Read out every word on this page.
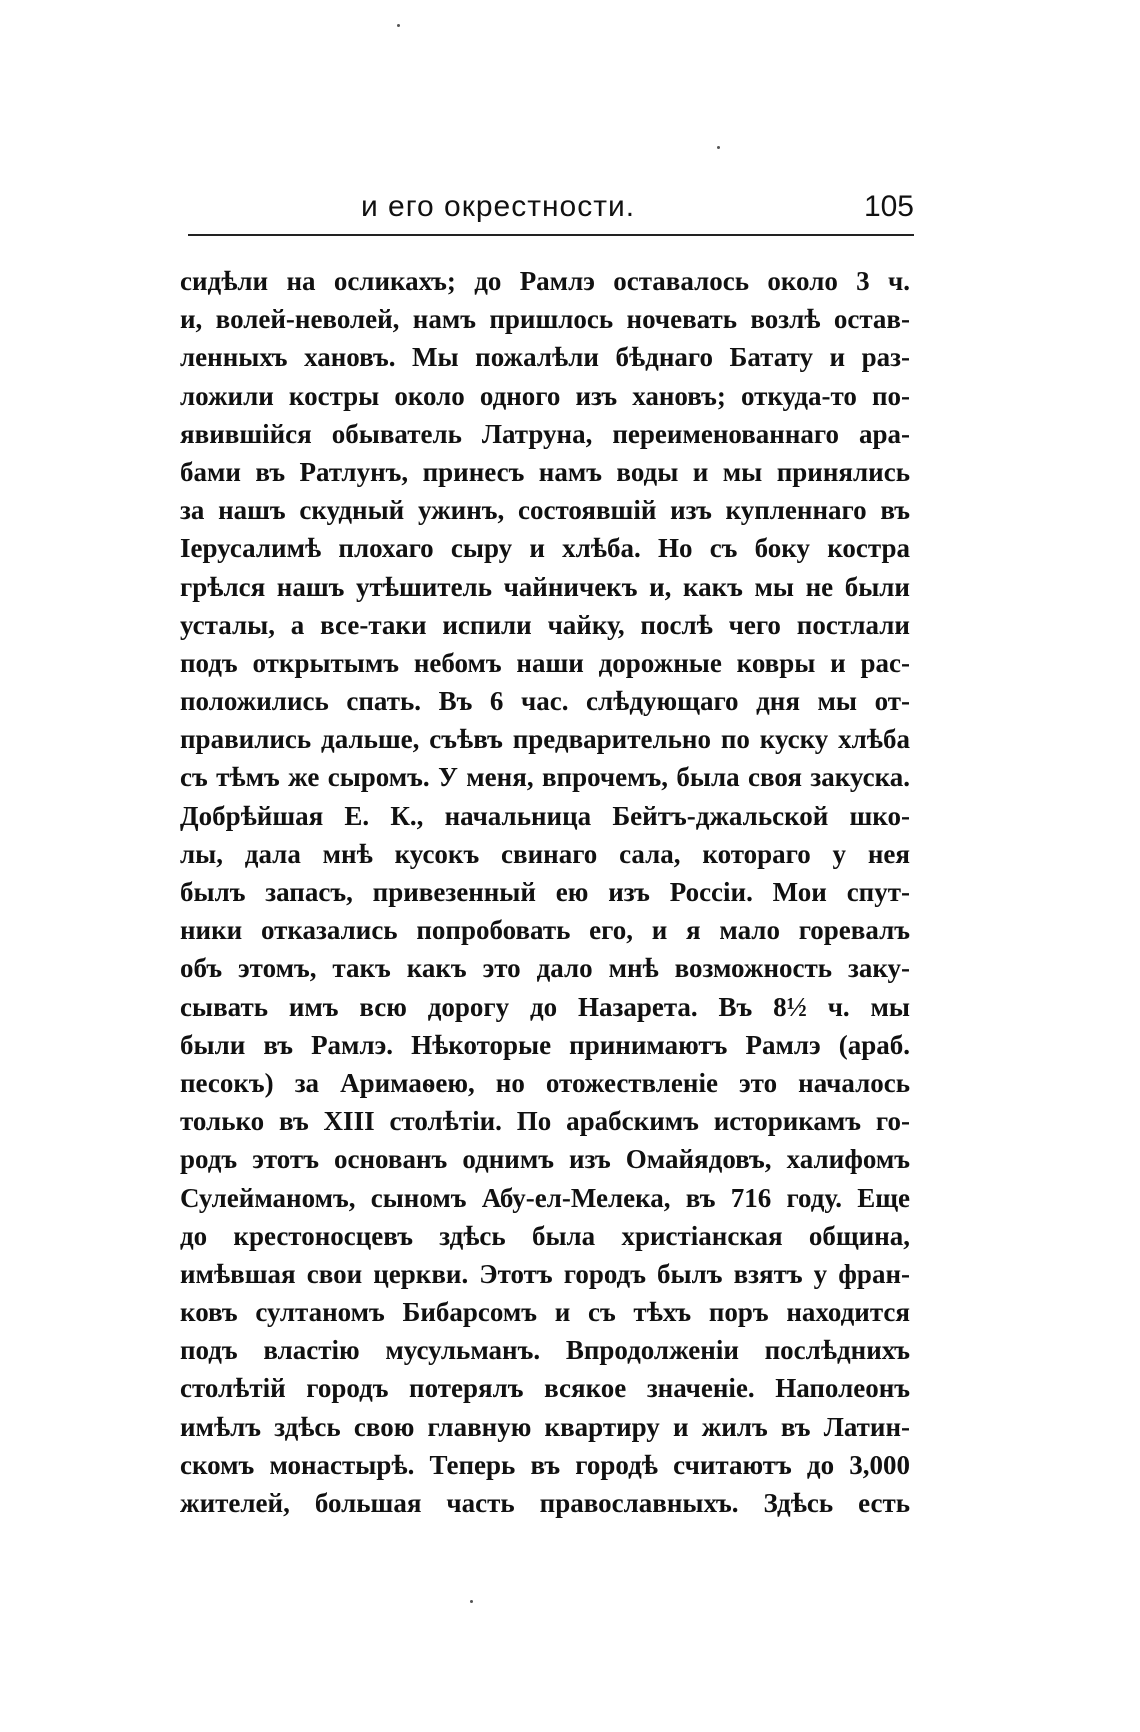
и его окрестности.	105
сидѣли на осликахъ; до Рамлэ оставалось около 3 ч.
и, волей-неволей, намъ пришлось ночевать возлѣ остав-
ленныхъ хановъ. Мы пожалѣли бѣднаго Батату и раз-
ложили костры около одного изъ хановъ; откуда-то по-
явившійся обыватель Латруна, переименованнаго ара-
бами въ Ратлунъ, принесъ намъ воды и мы принялись
за нашъ скудный ужинъ, состоявшій изъ купленнаго въ
Іерусалимѣ плохаго сыру и хлѣба. Но съ боку костра
грѣлся нашъ утѣшитель чайничекъ и, какъ мы не были
усталы, а все-таки испили чайку, послѣ чего постлали
подъ открытымъ небомъ наши дорожные ковры и рас-
положились спать. Въ 6 час. слѣдующаго дня мы от-
правились дальше, съѣвъ предварительно по куску хлѣба
съ тѣмъ же сыромъ. У меня, впрочемъ, была своя закуска.
Добрѣйшая Е. К., начальница Бейтъ-джальской шко-
лы, дала мнѣ кусокъ свинаго сала, котораго у нея
былъ запасъ, привезенный ею изъ Россіи. Мои спут-
ники отказались попробовать его, и я мало горевалъ
объ этомъ, такъ какъ это дало мнѣ возможность заку-
сывать имъ всю дорогу до Назарета. Въ 8½ ч. мы
были въ Рамлэ. Нѣкоторые принимаютъ Рамлэ (араб.
песокъ) за Аримаѳею, но отожествленіе это началось
только въ XIII столѣтіи. По арабскимъ историкамъ го-
родъ этотъ основанъ однимъ изъ Омайядовъ, халифомъ
Сулейманомъ, сыномъ Абу-ел-Мелека, въ 716 году. Еще
до крестоносцевъ здѣсь была христіанская община,
имѣвшая свои церкви. Этотъ городъ былъ взятъ у фран-
ковъ султаномъ Бибарсомъ и съ тѣхъ поръ находится
подъ властію мусульманъ. Впродолженіи послѣднихъ
столѣтій городъ потерялъ всякое значеніе. Наполеонъ
имѣлъ здѣсь свою главную квартиру и жилъ въ Латин-
скомъ монастырѣ. Теперь въ городѣ считаютъ до 3,000
жителей, большая часть православныхъ. Здѣсь есть
